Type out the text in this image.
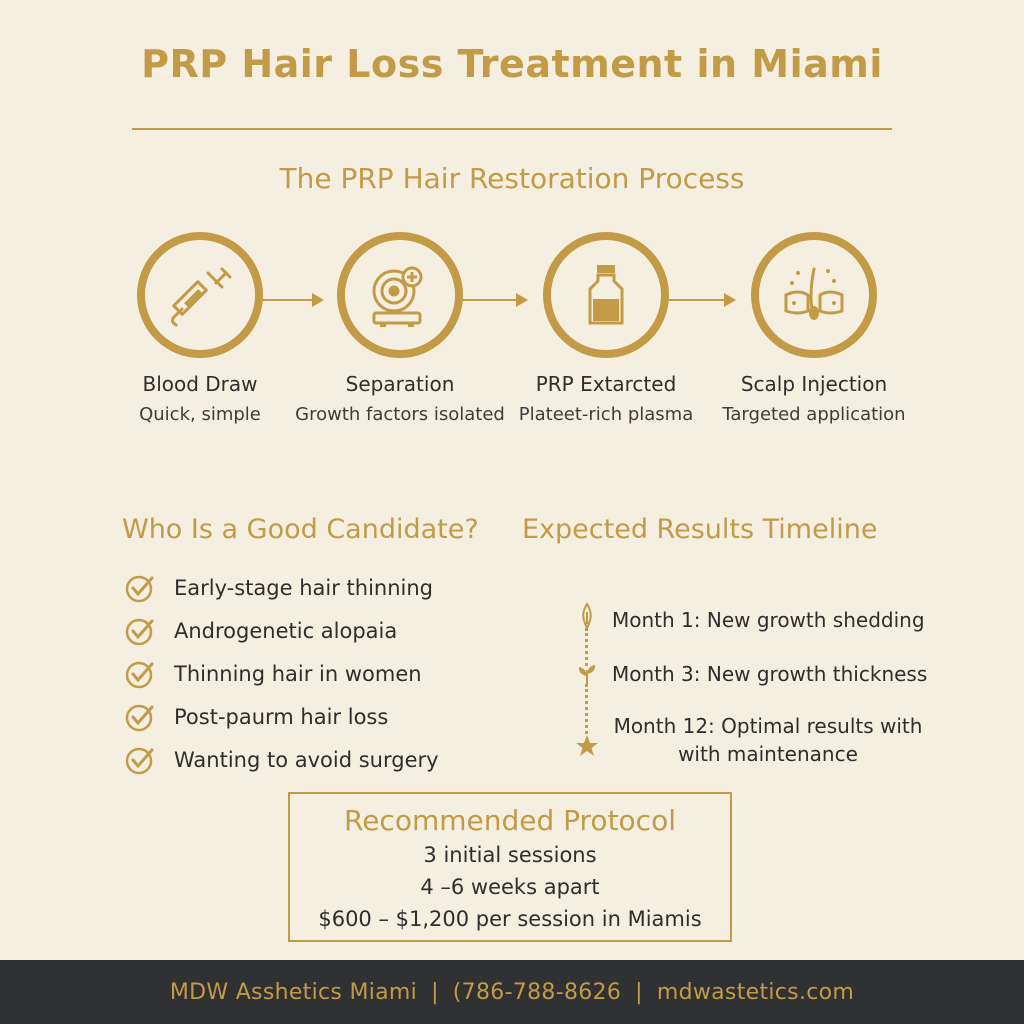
PRP Hair Loss Treatment in Miami
The PRP Hair Restoration Process
Blood Draw
Quick, simple
Separation
Growth factors isolated
PRP Extarcted
Plateet-rich plasma
Scalp Injection
Targeted application
Who Is a Good Candidate?
Early-stage hair thinning
Androgenetic alopaia
Thinning hair in women
Post-paurm hair loss
Wanting to avoid surgery
Expected Results Timeline
Month 1: New growth shedding
Month 3: New growth thickness
Month 12: Optimal results with
with maintenance
Recommended Protocol
3 initial sessions
4 –6 weeks apart
$600 – $1,200 per session in Miamis
MDW Asshetics Miami | (786-788-8626 | mdwastetics.com
